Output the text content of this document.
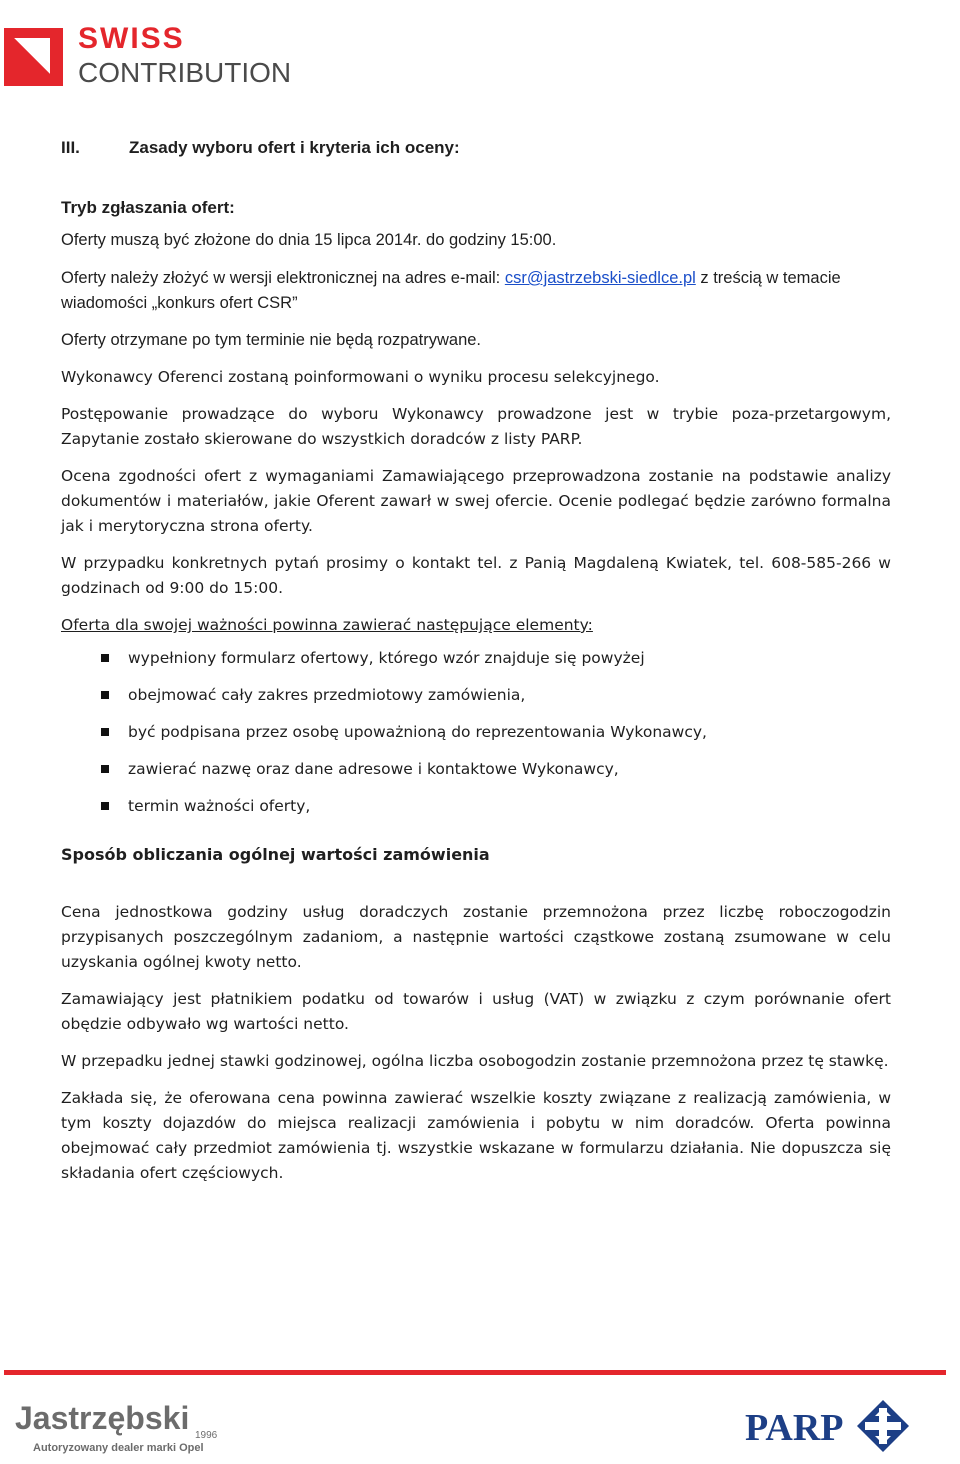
SWISS
CONTRIBUTION
III.	Zasady wyboru ofert i kryteria ich oceny:
Tryb zgłaszania ofert:

Oferty muszą być złożone do dnia 15 lipca 2014r. do godziny 15:00.

Oferty należy złożyć w wersji elektronicznej na adres e-mail: csr@jastrzebski-siedlce.pl z treścią w temacie wiadomości „konkurs ofert CSR”

Oferty otrzymane po tym terminie nie będą rozpatrywane.

Wykonawcy Oferenci zostaną poinformowani o wyniku procesu selekcyjnego.

Postępowanie prowadzące do wyboru Wykonawcy prowadzone jest w trybie poza-przetargowym, Zapytanie zostało skierowane do wszystkich doradców z listy PARP.

Ocena zgodności ofert z wymaganiami Zamawiającego przeprowadzona zostanie na podstawie analizy dokumentów i materiałów, jakie Oferent zawarł w swej ofercie. Ocenie podlegać będzie zarówno formalna jak i merytoryczna strona oferty.

W przypadku konkretnych pytań prosimy o kontakt tel. z Panią Magdaleną Kwiatek, tel. 608-585-266 w godzinach od 9:00 do 15:00.

Oferta dla swojej ważności powinna zawierać następujące elementy:

wypełniony formularz ofertowy, którego wzór znajduje się powyżej
obejmować cały zakres przedmiotowy zamówienia,
być podpisana przez osobę upoważnioną do reprezentowania Wykonawcy,
zawierać nazwę oraz dane adresowe i kontaktowe Wykonawcy,
termin ważności oferty,

Sposób obliczania ogólnej wartości zamówienia

Cena jednostkowa godziny usług doradczych zostanie przemnożona przez liczbę roboczogodzin przypisanych poszczególnym zadaniom, a następnie wartości cząstkowe zostaną zsumowane w celu uzyskania ogólnej kwoty netto.

Zamawiający jest płatnikiem podatku od towarów i usług (VAT) w związku z czym porównanie ofert obędzie odbywało wg wartości netto.

W przepadku jednej stawki godzinowej, ogólna liczba osobogodzin zostanie przemnożona przez tę stawkę.

Zakłada się, że oferowana cena powinna zawierać wszelkie koszty związane z realizacją zamówienia, w tym koszty dojazdów do miejsca realizacji zamówienia i pobytu w nim doradców. Oferta powinna obejmować cały przedmiot zamówienia tj. wszystkie wskazane w formularzu działania. Nie dopuszcza się składania ofert częściowych.

Jastrzębski 1996
Autoryzowany dealer marki Opel	PARP
